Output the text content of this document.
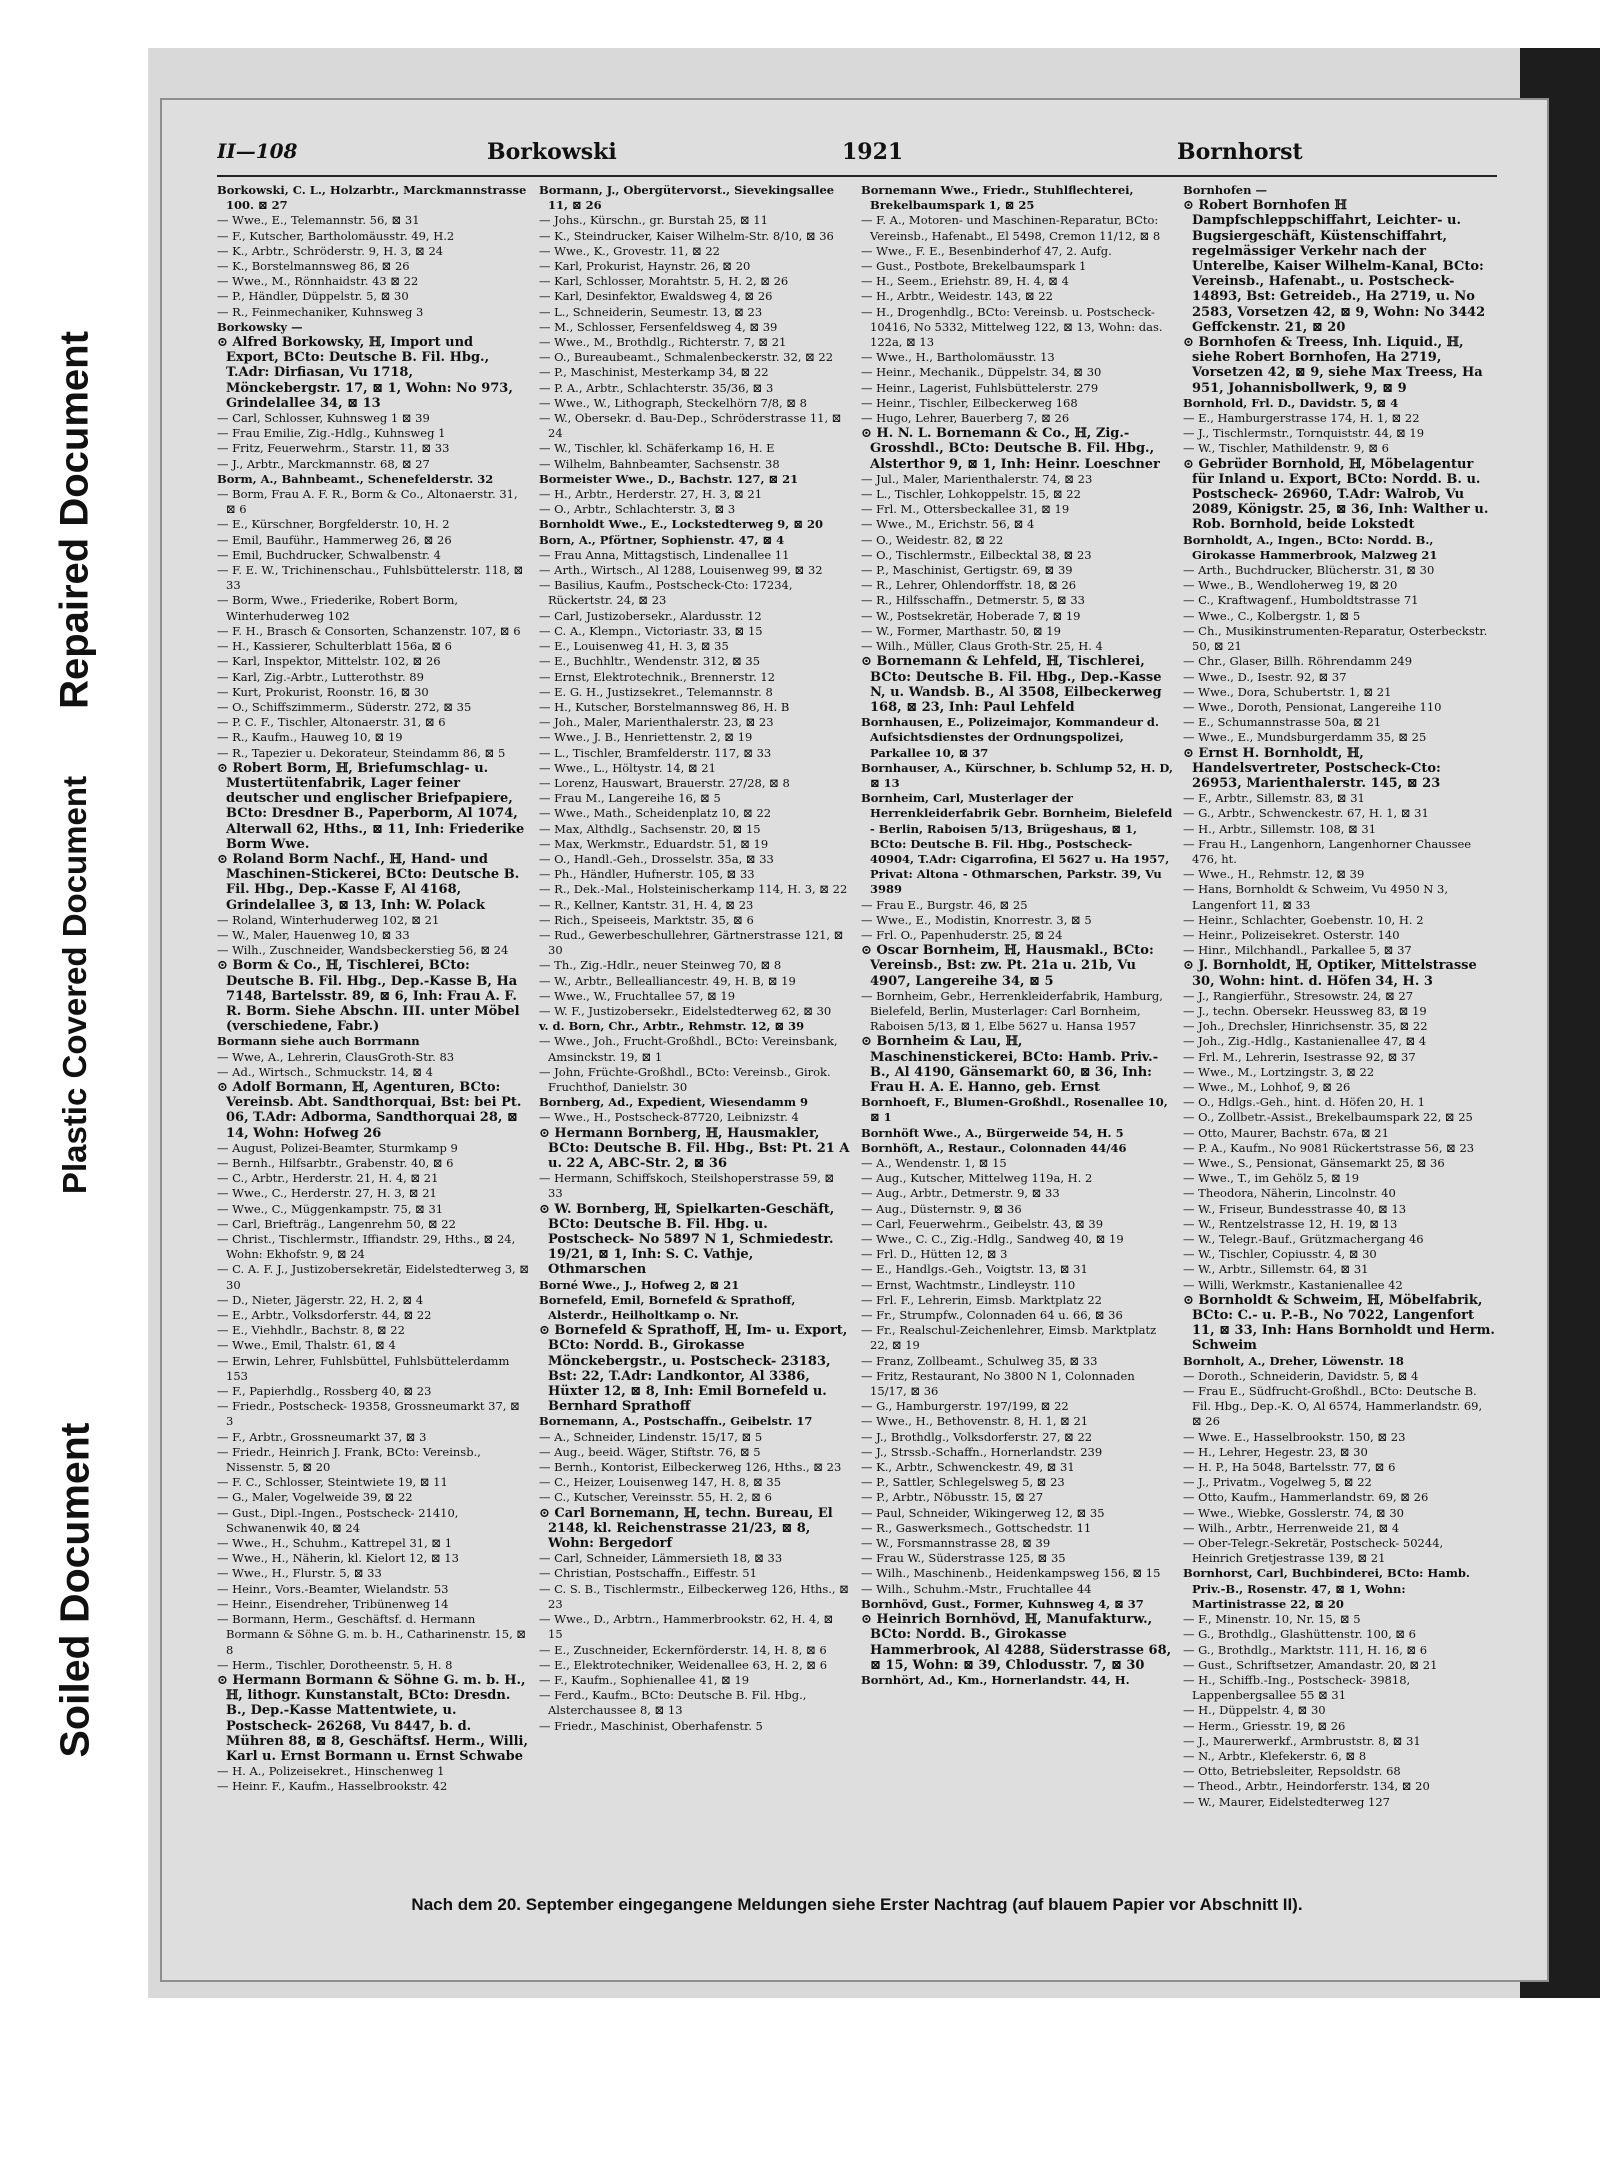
Repaired Document
Plastic Covered Document
Soiled Document
II—108	Borkowski	1921	Bornhorst

Borkowski, C. L., Holzarbtr., Marckmannstrasse 100. ⊠ 27

— Wwe., E., Telemannstr. 56, ⊠ 31

— F., Kutscher, Bartholomäusstr. 49, H.2

— K., Arbtr., Schröderstr. 9, H. 3, ⊠ 24

— K., Borstelmannsweg 86, ⊠ 26

— Wwe., M., Rönnhaidstr. 43 ⊠ 22

— P., Händler, Düppelstr. 5, ⊠ 30

— R., Feinmechaniker, Kuhnsweg 3

Borkowsky —

⊙ Alfred Borkowsky, ℍ, Import und Export, BCto: Deutsche B. Fil. Hbg., T.Adr: Dirfiasan, Vu 1718, Mönckebergstr. 17, ⊠ 1, Wohn: No 973, Grindelallee 34, ⊠ 13

— Carl, Schlosser, Kuhnsweg 1 ⊠ 39

— Frau Emilie, Zig.-Hdlg., Kuhnsweg 1

— Fritz, Feuerwehrm., Starstr. 11, ⊠ 33

— J., Arbtr., Marckmannstr. 68, ⊠ 27

Borm, A., Bahnbeamt., Schenefelderstr. 32

— Borm, Frau A. F. R., Borm & Co., Altonaerstr. 31, ⊠ 6

— E., Kürschner, Borgfelderstr. 10, H. 2

— Emil, Bauführ., Hammerweg 26, ⊠ 26

— Emil, Buchdrucker, Schwalbenstr. 4

— F. E. W., Trichinenschau., Fuhlsbüttelerstr. 118, ⊠ 33

— Borm, Wwe., Friederike, Robert Borm, Winterhuderweg 102

— F. H., Brasch & Consorten, Schanzenstr. 107, ⊠ 6

— H., Kassierer, Schulterblatt 156a, ⊠ 6

— Karl, Inspektor, Mittelstr. 102, ⊠ 26

— Karl, Zig.-Arbtr., Lutterothstr. 89

— Kurt, Prokurist, Roonstr. 16, ⊠ 30

— O., Schiffszimmerm., Süderstr. 272, ⊠ 35

— P. C. F., Tischler, Altonaerstr. 31, ⊠ 6

— R., Kaufm., Hauweg 10, ⊠ 19

— R., Tapezier u. Dekorateur, Steindamm 86, ⊠ 5

⊙ Robert Borm, ℍ, Briefumschlag- u. Mustertütenfabrik, Lager feiner deutscher und englischer Briefpapiere, BCto: Dresdner B., Paperborm, Al 1074, Alterwall 62, Hths., ⊠ 11, Inh: Friederike Borm Wwe.

⊙ Roland Borm Nachf., ℍ, Hand- und Maschinen-Stickerei, BCto: Deutsche B. Fil. Hbg., Dep.-Kasse F, Al 4168, Grindelallee 3, ⊠ 13, Inh: W. Polack

— Roland, Winterhuderweg 102, ⊠ 21

— W., Maler, Hauenweg 10, ⊠ 33

— Wilh., Zuschneider, Wandsbeckerstieg 56, ⊠ 24

⊙ Borm & Co., ℍ, Tischlerei, BCto: Deutsche B. Fil. Hbg., Dep.-Kasse B, Ha 7148, Bartelsstr. 89, ⊠ 6, Inh: Frau A. F. R. Borm. Siehe Abschn. III. unter Möbel (verschiedene, Fabr.)

Bormann siehe auch Borrmann

— Wwe, A., Lehrerin, ClausGroth-Str. 83

— Ad., Wirtsch., Schmuckstr. 14, ⊠ 4

⊙ Adolf Bormann, ℍ, Agenturen, BCto: Vereinsb. Abt. Sandthorquai, Bst: bei Pt. 06, T.Adr: Adborma, Sandthorquai 28, ⊠ 14, Wohn: Hofweg 26

— August, Polizei-Beamter, Sturmkamp 9

— Bernh., Hilfsarbtr., Grabenstr. 40, ⊠ 6

— C., Arbtr., Herderstr. 21, H. 4, ⊠ 21

— Wwe., C., Herderstr. 27, H. 3, ⊠ 21

— Wwe., C., Müggenkampstr. 75, ⊠ 31

— Carl, Briefträg., Langenrehm 50, ⊠ 22

— Christ., Tischlermstr., Iffiandstr. 29, Hths., ⊠ 24, Wohn: Ekhofstr. 9, ⊠ 24

— C. A. F. J., Justizobersekretär, Eidelstedterweg 3, ⊠ 30

— D., Nieter, Jägerstr. 22, H. 2, ⊠ 4

— E., Arbtr., Volksdorferstr. 44, ⊠ 22

— E., Viehhdlr., Bachstr. 8, ⊠ 22

— Wwe., Emil, Thalstr. 61, ⊠ 4

— Erwin, Lehrer, Fuhlsbüttel, Fuhlsbüttelerdamm 153

— F., Papierhdlg., Rossberg 40, ⊠ 23

— Friedr., Postscheck- 19358, Grossneumarkt 37, ⊠ 3

— F., Arbtr., Grossneumarkt 37, ⊠ 3

— Friedr., Heinrich J. Frank, BCto: Vereinsb., Nissenstr. 5, ⊠ 20

— F. C., Schlosser, Steintwiete 19, ⊠ 11

— G., Maler, Vogelweide 39, ⊠ 22

— Gust., Dipl.-Ingen., Postscheck- 21410, Schwanenwik 40, ⊠ 24

— Wwe., H., Schuhm., Kattrepel 31, ⊠ 1

— Wwe., H., Näherin, kl. Kielort 12, ⊠ 13

— Wwe., H., Flurstr. 5, ⊠ 33

— Heinr., Vors.-Beamter, Wielandstr. 53

— Heinr., Eisendreher, Tribünenweg 14

— Bormann, Herm., Geschäftsf. d. Hermann Bormann & Söhne G. m. b. H., Catharinenstr. 15, ⊠ 8

— Herm., Tischler, Dorotheenstr. 5, H. 8

⊙ Hermann Bormann & Söhne G. m. b. H., ℍ, lithogr. Kunstanstalt, BCto: Dresdn. B., Dep.-Kasse Mattentwiete, u. Postscheck- 26268, Vu 8447, b. d. Mühren 88, ⊠ 8, Geschäftsf. Herm., Willi, Karl u. Ernst Bormann u. Ernst Schwabe

— H. A., Polizeisekret., Hinschenweg 1

— Heinr. F., Kaufm., Hasselbrookstr. 42

Bormann, J., Obergütervorst., Sievekingsallee 11, ⊠ 26

— Johs., Kürschn., gr. Burstah 25, ⊠ 11

— K., Steindrucker, Kaiser Wilhelm-Str. 8/10, ⊠ 36

— Wwe., K., Grovestr. 11, ⊠ 22

— Karl, Prokurist, Haynstr. 26, ⊠ 20

— Karl, Schlosser, Morahtstr. 5, H. 2, ⊠ 26

— Karl, Desinfektor, Ewaldsweg 4, ⊠ 26

— L., Schneiderin, Seumestr. 13, ⊠ 23

— M., Schlosser, Fersenfeldsweg 4, ⊠ 39

— Wwe., M., Brothdlg., Richterstr. 7, ⊠ 21

— O., Bureaubeamt., Schmalenbeckerstr. 32, ⊠ 22

— P., Maschinist, Mesterkamp 34, ⊠ 22

— P. A., Arbtr., Schlachterstr. 35/36, ⊠ 3

— Wwe., W., Lithograph, Steckelhörn 7/8, ⊠ 8

— W., Obersekr. d. Bau-Dep., Schröderstrasse 11, ⊠ 24

— W., Tischler, kl. Schäferkamp 16, H. E

— Wilhelm, Bahnbeamter, Sachsenstr. 38

Bormeister Wwe., D., Bachstr. 127, ⊠ 21

— H., Arbtr., Herderstr. 27, H. 3, ⊠ 21

— O., Arbtr., Schlachterstr. 3, ⊠ 3

Bornholdt Wwe., E., Lockstedterweg 9, ⊠ 20

Born, A., Pförtner, Sophienstr. 47, ⊠ 4

— Frau Anna, Mittagstisch, Lindenallee 11

— Arth., Wirtsch., Al 1288, Louisenweg 99, ⊠ 32

— Basilius, Kaufm., Postscheck-Cto: 17234, Rückertstr. 24, ⊠ 23

— Carl, Justizobersekr., Alardusstr. 12

— C. A., Klempn., Victoriastr. 33, ⊠ 15

— E., Louisenweg 41, H. 3, ⊠ 35

— E., Buchhltr., Wendenstr. 312, ⊠ 35

— Ernst, Elektrotechnik., Brennerstr. 12

— E. G. H., Justizsekret., Telemannstr. 8

— H., Kutscher, Borstelmannsweg 86, H. B

— Joh., Maler, Marienthalerstr. 23, ⊠ 23

— Wwe., J. B., Henriettenstr. 2, ⊠ 19

— L., Tischler, Bramfelderstr. 117, ⊠ 33

— Wwe., L., Höltystr. 14, ⊠ 21

— Lorenz, Hauswart, Brauerstr. 27/28, ⊠ 8

— Frau M., Langereihe 16, ⊠ 5

— Wwe., Math., Scheidenplatz 10, ⊠ 22

— Max, Althdlg., Sachsenstr. 20, ⊠ 15

— Max, Werkmstr., Eduardstr. 51, ⊠ 19

— O., Handl.-Geh., Drosselstr. 35a, ⊠ 33

— Ph., Händler, Hufnerstr. 105, ⊠ 33

— R., Dek.-Mal., Holsteinischerkamp 114, H. 3, ⊠ 22

— R., Kellner, Kantstr. 31, H. 4, ⊠ 23

— Rich., Speiseeis, Marktstr. 35, ⊠ 6

— Rud., Gewerbeschullehrer, Gärtnerstrasse 121, ⊠ 30

— Th., Zig.-Hdlr., neuer Steinweg 70, ⊠ 8

— W., Arbtr., Bellealliancestr. 49, H. B, ⊠ 19

— Wwe., W., Fruchtallee 57, ⊠ 19

— W. F., Justizobersekr., Eidelstedterweg 62, ⊠ 30

v. d. Born, Chr., Arbtr., Rehmstr. 12, ⊠ 39

— Wwe., Joh., Frucht-Großhdl., BCto: Vereinsbank, Amsinckstr. 19, ⊠ 1

— John, Früchte-Großhdl., BCto: Vereinsb., Girok. Fruchthof, Danielstr. 30

Bornberg, Ad., Expedient, Wiesendamm 9

— Wwe., H., Postscheck-87720, Leibnizstr. 4

⊙ Hermann Bornberg, ℍ, Hausmakler, BCto: Deutsche B. Fil. Hbg., Bst: Pt. 21 A u. 22 A, ABC-Str. 2, ⊠ 36

— Hermann, Schiffskoch, Steilshoperstrasse 59, ⊠ 33

⊙ W. Bornberg, ℍ, Spielkarten-Geschäft, BCto: Deutsche B. Fil. Hbg. u. Postscheck- No 5897 N 1, Schmiedestr. 19/21, ⊠ 1, Inh: S. C. Vathje, Othmarschen

Borné Wwe., J., Hofweg 2, ⊠ 21

Bornefeld, Emil, Bornefeld & Sprathoff, Alsterdr., Heilholtkamp o. Nr.

⊙ Bornefeld & Sprathoff, ℍ, Im- u. Export, BCto: Nordd. B., Girokasse Mönckebergstr., u. Postscheck- 23183, Bst: 22, T.Adr: Landkontor, Al 3386, Hüxter 12, ⊠ 8, Inh: Emil Bornefeld u. Bernhard Sprathoff

Bornemann, A., Postschaffn., Geibelstr. 17

— A., Schneider, Lindenstr. 15/17, ⊠ 5

— Aug., beeid. Wäger, Stiftstr. 76, ⊠ 5

— Bernh., Kontorist, Eilbeckerweg 126, Hths., ⊠ 23

— C., Heizer, Louisenweg 147, H. 8, ⊠ 35

— C., Kutscher, Vereinsstr. 55, H. 2, ⊠ 6

⊙ Carl Bornemann, ℍ, techn. Bureau, El 2148, kl. Reichenstrasse 21/23, ⊠ 8, Wohn: Bergedorf

— Carl, Schneider, Lämmersieth 18, ⊠ 33

— Christian, Postschaffn., Eiffestr. 51

— C. S. B., Tischlermstr., Eilbeckerweg 126, Hths., ⊠ 23

— Wwe., D., Arbtrn., Hammerbrookstr. 62, H. 4, ⊠ 15

— E., Zuschneider, Eckernförderstr. 14, H. 8, ⊠ 6

— E., Elektrotechniker, Weidenallee 63, H. 2, ⊠ 6

— F., Kaufm., Sophienallee 41, ⊠ 19

— Ferd., Kaufm., BCto: Deutsche B. Fil. Hbg., Alsterchaussee 8, ⊠ 13

— Friedr., Maschinist, Oberhafenstr. 5

Bornemann Wwe., Friedr., Stuhlflechterei, Brekelbaumspark 1, ⊠ 25

— F. A., Motoren- und Maschinen-Reparatur, BCto: Vereinsb., Hafenabt., El 5498, Cremon 11/12, ⊠ 8

— Wwe., F. E., Besenbinderhof 47, 2. Aufg.

— Gust., Postbote, Brekelbaumspark 1

— H., Seem., Eriehstr. 89, H. 4, ⊠ 4

— H., Arbtr., Weidestr. 143, ⊠ 22

— H., Drogenhdlg., BCto: Vereinsb. u. Postscheck- 10416, No 5332, Mittelweg 122, ⊠ 13, Wohn: das. 122a, ⊠ 13

— Wwe., H., Bartholomäusstr. 13

— Heinr., Mechanik., Düppelstr. 34, ⊠ 30

— Heinr., Lagerist, Fuhlsbüttelerstr. 279

— Heinr., Tischler, Eilbeckerweg 168

— Hugo, Lehrer, Bauerberg 7, ⊠ 26

⊙ H. N. L. Bornemann & Co., ℍ, Zig.-Grosshdl., BCto: Deutsche B. Fil. Hbg., Alsterthor 9, ⊠ 1, Inh: Heinr. Loeschner

— Jul., Maler, Marienthalerstr. 74, ⊠ 23

— L., Tischler, Lohkoppelstr. 15, ⊠ 22

— Frl. M., Ottersbeckallee 31, ⊠ 19

— Wwe., M., Erichstr. 56, ⊠ 4

— O., Weidestr. 82, ⊠ 22

— O., Tischlermstr., Eilbecktal 38, ⊠ 23

— P., Maschinist, Gertigstr. 69, ⊠ 39

— R., Lehrer, Ohlendorffstr. 18, ⊠ 26

— R., Hilfsschaffn., Detmerstr. 5, ⊠ 33

— W., Postsekretär, Hoberade 7, ⊠ 19

— W., Former, Marthastr. 50, ⊠ 19

— Wilh., Müller, Claus Groth-Str. 25, H. 4

⊙ Bornemann & Lehfeld, ℍ, Tischlerei, BCto: Deutsche B. Fil. Hbg., Dep.-Kasse N, u. Wandsb. B., Al 3508, Eilbeckerweg 168, ⊠ 23, Inh: Paul Lehfeld

Bornhausen, E., Polizeimajor, Kommandeur d. Aufsichtsdienstes der Ordnungspolizei, Parkallee 10, ⊠ 37

Bornhauser, A., Kürschner, b. Schlump 52, H. D, ⊠ 13

Bornheim, Carl, Musterlager der Herrenkleiderfabrik Gebr. Bornheim, Bielefeld - Berlin, Raboisen 5/13, Brügeshaus, ⊠ 1, BCto: Deutsche B. Fil. Hbg., Postscheck- 40904, T.Adr: Cigarrofina, El 5627 u. Ha 1957, Privat: Altona - Othmarschen, Parkstr. 39, Vu 3989

— Frau E., Burgstr. 46, ⊠ 25

— Wwe., E., Modistin, Knorrestr. 3, ⊠ 5

— Frl. O., Papenhuderstr. 25, ⊠ 24

⊙ Oscar Bornheim, ℍ, Hausmakl., BCto: Vereinsb., Bst: zw. Pt. 21a u. 21b, Vu 4907, Langereihe 34, ⊠ 5

— Bornheim, Gebr., Herrenkleiderfabrik, Hamburg, Bielefeld, Berlin, Musterlager: Carl Bornheim, Raboisen 5/13, ⊠ 1, Elbe 5627 u. Hansa 1957

⊙ Bornheim & Lau, ℍ, Maschinenstickerei, BCto: Hamb. Priv.-B., Al 4190, Gänsemarkt 60, ⊠ 36, Inh: Frau H. A. E. Hanno, geb. Ernst

Bornhoeft, F., Blumen-Großhdl., Rosenallee 10, ⊠ 1

Bornhöft Wwe., A., Bürgerweide 54, H. 5

Bornhöft, A., Restaur., Colonnaden 44/46

— A., Wendenstr. 1, ⊠ 15

— Aug., Kutscher, Mittelweg 119a, H. 2

— Aug., Arbtr., Detmerstr. 9, ⊠ 33

— Aug., Düsternstr. 9, ⊠ 36

— Carl, Feuerwehrm., Geibelstr. 43, ⊠ 39

— Wwe., C. C., Zig.-Hdlg., Sandweg 40, ⊠ 19

— Frl. D., Hütten 12, ⊠ 3

— E., Handlgs.-Geh., Voigtstr. 13, ⊠ 31

— Ernst, Wachtmstr., Lindleystr. 110

— Frl. F., Lehrerin, Eimsb. Marktplatz 22

— Fr., Strumpfw., Colonnaden 64 u. 66, ⊠ 36

— Fr., Realschul-Zeichenlehrer, Eimsb. Marktplatz 22, ⊠ 19

— Franz, Zollbeamt., Schulweg 35, ⊠ 33

— Fritz, Restaurant, No 3800 N 1, Colonnaden 15/17, ⊠ 36

— G., Hamburgerstr. 197/199, ⊠ 22

— Wwe., H., Bethovenstr. 8, H. 1, ⊠ 21

— J., Brothdlg., Volksdorferstr. 27, ⊠ 22

— J., Strssb.-Schaffn., Hornerlandstr. 239

— K., Arbtr., Schwenckestr. 49, ⊠ 31

— P., Sattler, Schlegelsweg 5, ⊠ 23

— P., Arbtr., Nöbusstr. 15, ⊠ 27

— Paul, Schneider, Wikingerweg 12, ⊠ 35

— R., Gaswerksmech., Gottschedstr. 11

— W., Forsmannstrasse 28, ⊠ 39

— Frau W., Süderstrasse 125, ⊠ 35

— Wilh., Maschinenb., Heidenkampsweg 156, ⊠ 15

— Wilh., Schuhm.-Mstr., Fruchtallee 44

Bornhövd, Gust., Former, Kuhnsweg 4, ⊠ 37

⊙ Heinrich Bornhövd, ℍ, Manufakturw., BCto: Nordd. B., Girokasse Hammerbrook, Al 4288, Süderstrasse 68, ⊠ 15, Wohn: ⊠ 39, Chlodusstr. 7, ⊠ 30

Bornhört, Ad., Km., Hornerlandstr. 44, H.

Bornhofen —

⊙ Robert Bornhofen ℍ Dampfschleppschiffahrt, Leichter- u. Bugsiergeschäft, Küstenschiffahrt, regelmässiger Verkehr nach der Unterelbe, Kaiser Wilhelm-Kanal, BCto: Vereinsb., Hafenabt., u. Postscheck- 14893, Bst: Getreideb., Ha 2719, u. No 2583, Vorsetzen 42, ⊠ 9, Wohn: No 3442 Geffckenstr. 21, ⊠ 20

⊙ Bornhofen & Treess, Inh. Liquid., ℍ, siehe Robert Bornhofen, Ha 2719, Vorsetzen 42, ⊠ 9, siehe Max Treess, Ha 951, Johannisbollwerk, 9, ⊠ 9

Bornhold, Frl. D., Davidstr. 5, ⊠ 4

— E., Hamburgerstrasse 174, H. 1, ⊠ 22

— J., Tischlermstr., Tornquiststr. 44, ⊠ 19

— W., Tischler, Mathildenstr. 9, ⊠ 6

⊙ Gebrüder Bornhold, ℍ, Möbelagentur für Inland u. Export, BCto: Nordd. B. u. Postscheck- 26960, T.Adr: Walrob, Vu 2089, Königstr. 25, ⊠ 36, Inh: Walther u. Rob. Bornhold, beide Lokstedt

Bornholdt, A., Ingen., BCto: Nordd. B., Girokasse Hammerbrook, Malzweg 21

— Arth., Buchdrucker, Blücherstr. 31, ⊠ 30

— Wwe., B., Wendloherweg 19, ⊠ 20

— C., Kraftwagenf., Humboldtstrasse 71

— Wwe., C., Kolbergstr. 1, ⊠ 5

— Ch., Musikinstrumenten-Reparatur, Osterbeckstr. 50, ⊠ 21

— Chr., Glaser, Billh. Röhrendamm 249

— Wwe., D., Isestr. 92, ⊠ 37

— Wwe., Dora, Schubertstr. 1, ⊠ 21

— Wwe., Doroth, Pensionat, Langereihe 110

— E., Schumannstrasse 50a, ⊠ 21

— Wwe., E., Mundsburgerdamm 35, ⊠ 25

⊙ Ernst H. Bornholdt, ℍ, Handelsvertreter, Postscheck-Cto: 26953, Marienthalerstr. 145, ⊠ 23

— F., Arbtr., Sillemstr. 83, ⊠ 31

— G., Arbtr., Schwenckestr. 67, H. 1, ⊠ 31

— H., Arbtr., Sillemstr. 108, ⊠ 31

— Frau H., Langenhorn, Langenhorner Chaussee 476, ht.

— Wwe., H., Rehmstr. 12, ⊠ 39

— Hans, Bornholdt & Schweim, Vu 4950 N 3, Langenfort 11, ⊠ 33

— Heinr., Schlachter, Goebenstr. 10, H. 2

— Heinr., Polizeisekret. Osterstr. 140

— Hinr., Milchhandl., Parkallee 5, ⊠ 37

⊙ J. Bornholdt, ℍ, Optiker, Mittelstrasse 30, Wohn: hint. d. Höfen 34, H. 3

— J., Rangierführ., Stresowstr. 24, ⊠ 27

— J., techn. Obersekr. Heussweg 83, ⊠ 19

— Joh., Drechsler, Hinrichsenstr. 35, ⊠ 22

— Joh., Zig.-Hdlg., Kastanienallee 47, ⊠ 4

— Frl. M., Lehrerin, Isestrasse 92, ⊠ 37

— Wwe., M., Lortzingstr. 3, ⊠ 22

— Wwe., M., Lohhof, 9, ⊠ 26

— O., Hdlgs.-Geh., hint. d. Höfen 20, H. 1

— O., Zollbetr.-Assist., Brekelbaumspark 22, ⊠ 25

— Otto, Maurer, Bachstr. 67a, ⊠ 21

— P. A., Kaufm., No 9081 Rückertstrasse 56, ⊠ 23

— Wwe., S., Pensionat, Gänsemarkt 25, ⊠ 36

— Wwe., T., im Gehölz 5, ⊠ 19

— Theodora, Näherin, Lincolnstr. 40

— W., Friseur, Bundesstrasse 40, ⊠ 13

— W., Rentzelstrasse 12, H. 19, ⊠ 13

— W., Telegr.-Bauf., Grützmachergang 46

— W., Tischler, Copiusstr. 4, ⊠ 30

— W., Arbtr., Sillemstr. 64, ⊠ 31

— Willi, Werkmstr., Kastanienallee 42

⊙ Bornholdt & Schweim, ℍ, Möbelfabrik, BCto: C.- u. P.-B., No 7022, Langenfort 11, ⊠ 33, Inh: Hans Bornholdt und Herm. Schweim

Bornholt, A., Dreher, Löwenstr. 18

— Doroth., Schneiderin, Davidstr. 5, ⊠ 4

— Frau E., Südfrucht-Großhdl., BCto: Deutsche B. Fil. Hbg., Dep.-K. O, Al 6574, Hammerlandstr. 69, ⊠ 26

— Wwe. E., Hasselbrookstr. 150, ⊠ 23

— H., Lehrer, Hegestr. 23, ⊠ 30

— H. P., Ha 5048, Bartelsstr. 77, ⊠ 6

— J., Privatm., Vogelweg 5, ⊠ 22

— Otto, Kaufm., Hammerlandstr. 69, ⊠ 26

— Wwe., Wiebke, Gosslerstr. 74, ⊠ 30

— Wilh., Arbtr., Herrenweide 21, ⊠ 4

— Ober-Telegr.-Sekretär, Postscheck- 50244, Heinrich Gretjestrasse 139, ⊠ 21

Bornhorst, Carl, Buchbinderei, BCto: Hamb. Priv.-B., Rosenstr. 47, ⊠ 1, Wohn: Martinistrasse 22, ⊠ 20

— F., Minenstr. 10, Nr. 15, ⊠ 5

— G., Brothdlg., Glashüttenstr. 100, ⊠ 6

— G., Brothdlg., Marktstr. 111, H. 16, ⊠ 6

— Gust., Schriftsetzer, Amandastr. 20, ⊠ 21

— H., Schiffb.-Ing., Postscheck- 39818, Lappenbergsallee 55 ⊠ 31

— H., Düppelstr. 4, ⊠ 30

— Herm., Griesstr. 19, ⊠ 26

— J., Maurerwerkf., Armbruststr. 8, ⊠ 31

— N., Arbtr., Klefekerstr. 6, ⊠ 8

— Otto, Betriebsleiter, Repsoldstr. 68

— Theod., Arbtr., Heindorferstr. 134, ⊠ 20

— W., Maurer, Eidelstedterweg 127

Nach dem 20. September eingegangene Meldungen siehe Erster Nachtrag (auf blauem Papier vor Abschnitt II).
